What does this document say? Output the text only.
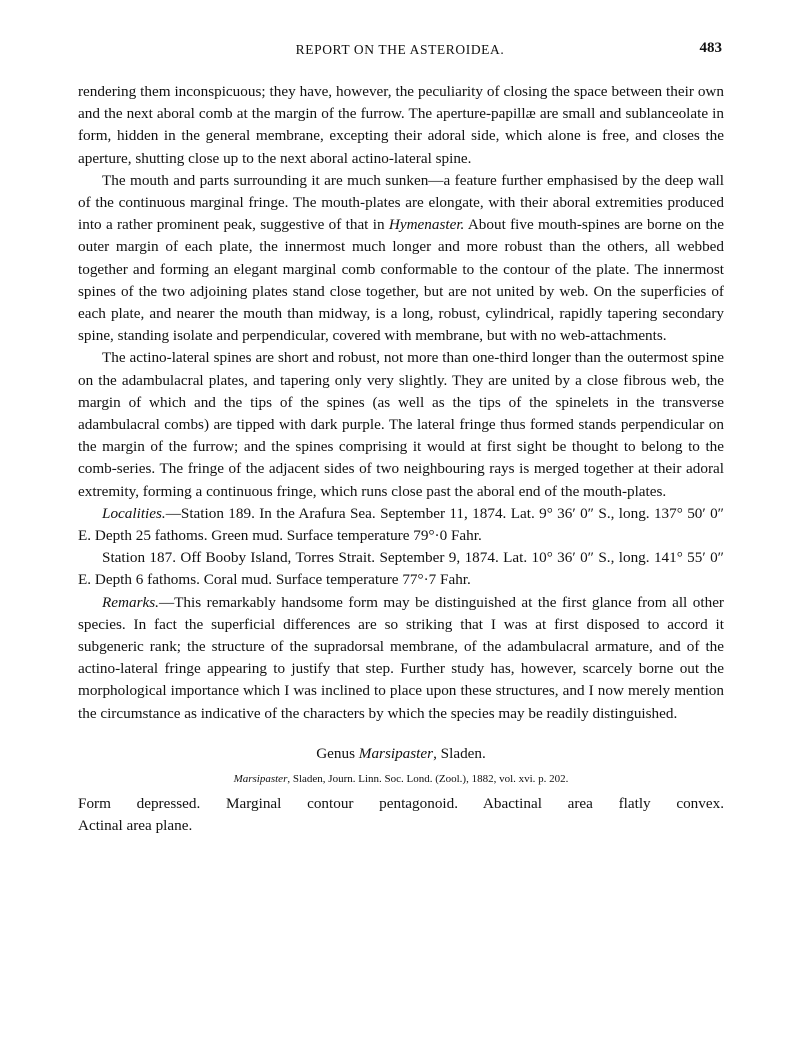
REPORT ON THE ASTEROIDEA.	483

rendering them inconspicuous; they have, however, the peculiarity of closing the space between their own and the next aboral comb at the margin of the furrow. The aperture-papillæ are small and sublanceolate in form, hidden in the general membrane, excepting their adoral side, which alone is free, and closes the aperture, shutting close up to the next aboral actino-lateral spine.

The mouth and parts surrounding it are much sunken—a feature further emphasised by the deep wall of the continuous marginal fringe. The mouth-plates are elongate, with their aboral extremities produced into a rather prominent peak, suggestive of that in Hymenaster. About five mouth-spines are borne on the outer margin of each plate, the innermost much longer and more robust than the others, all webbed together and forming an elegant marginal comb conformable to the contour of the plate. The innermost spines of the two adjoining plates stand close together, but are not united by web. On the superficies of each plate, and nearer the mouth than midway, is a long, robust, cylindrical, rapidly tapering secondary spine, standing isolate and perpendicular, covered with membrane, but with no web-attachments.

The actino-lateral spines are short and robust, not more than one-third longer than the outermost spine on the adambulacral plates, and tapering only very slightly. They are united by a close fibrous web, the margin of which and the tips of the spines (as well as the tips of the spinelets in the transverse adambulacral combs) are tipped with dark purple. The lateral fringe thus formed stands perpendicular on the margin of the furrow; and the spines comprising it would at first sight be thought to belong to the comb-series. The fringe of the adjacent sides of two neighbouring rays is merged together at their adoral extremity, forming a continuous fringe, which runs close past the aboral end of the mouth-plates.

Localities.—Station 189. In the Arafura Sea. September 11, 1874. Lat. 9° 36′ 0″ S., long. 137° 50′ 0″ E. Depth 25 fathoms. Green mud. Surface temperature 79°·0 Fahr.

Station 187. Off Booby Island, Torres Strait. September 9, 1874. Lat. 10° 36′ 0″ S., long. 141° 55′ 0″ E. Depth 6 fathoms. Coral mud. Surface temperature 77°·7 Fahr.

Remarks.—This remarkably handsome form may be distinguished at the first glance from all other species. In fact the superficial differences are so striking that I was at first disposed to accord it subgeneric rank; the structure of the supradorsal membrane, of the adambulacral armature, and of the actino-lateral fringe appearing to justify that step. Further study has, however, scarcely borne out the morphological importance which I was inclined to place upon these structures, and I now merely mention the circumstance as indicative of the characters by which the species may be readily distinguished.

Genus Marsipaster, Sladen.
Marsipaster, Sladen, Journ. Linn. Soc. Lond. (Zool.), 1882, vol. xvi. p. 202.

Form depressed. Marginal contour pentagonoid. Abactinal area flatly convex.
Actinal area plane.
